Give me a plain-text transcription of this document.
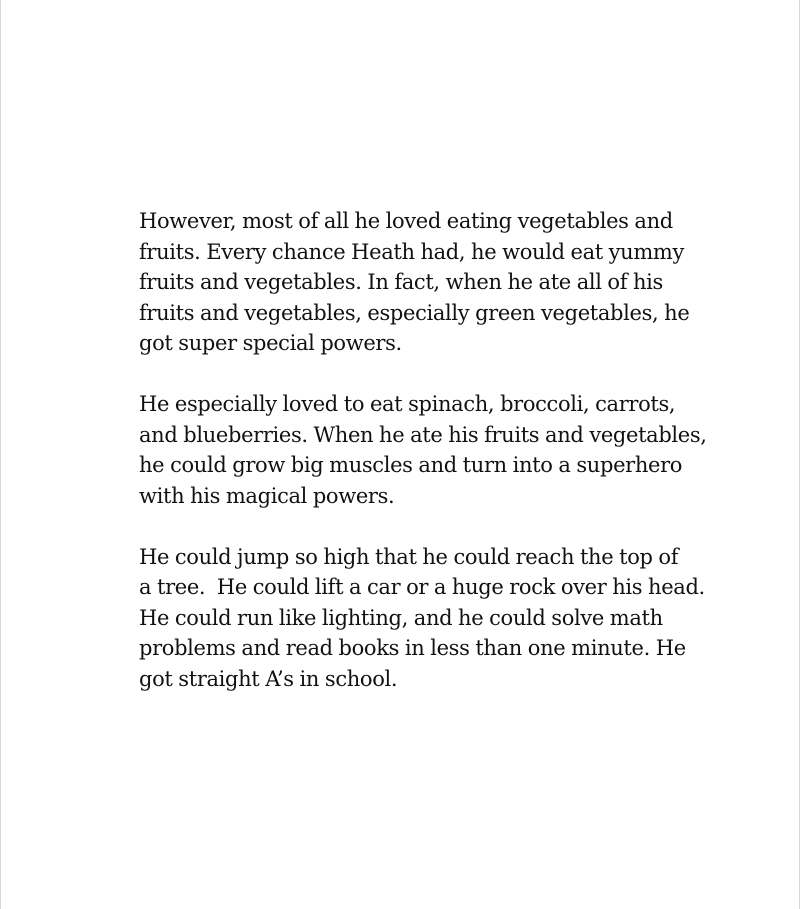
However, most of all he loved eating vegetables and
fruits. Every chance Heath had, he would eat yummy
fruits and vegetables. In fact, when he ate all of his
fruits and vegetables, especially green vegetables, he
got super special powers.
He especially loved to eat spinach, broccoli, carrots,
and blueberries. When he ate his fruits and vegetables,
he could grow big muscles and turn into a superhero
with his magical powers.
He could jump so high that he could reach the top of
a tree.  He could lift a car or a huge rock over his head.
He could run like lighting, and he could solve math
problems and read books in less than one minute. He
got straight A’s in school.
